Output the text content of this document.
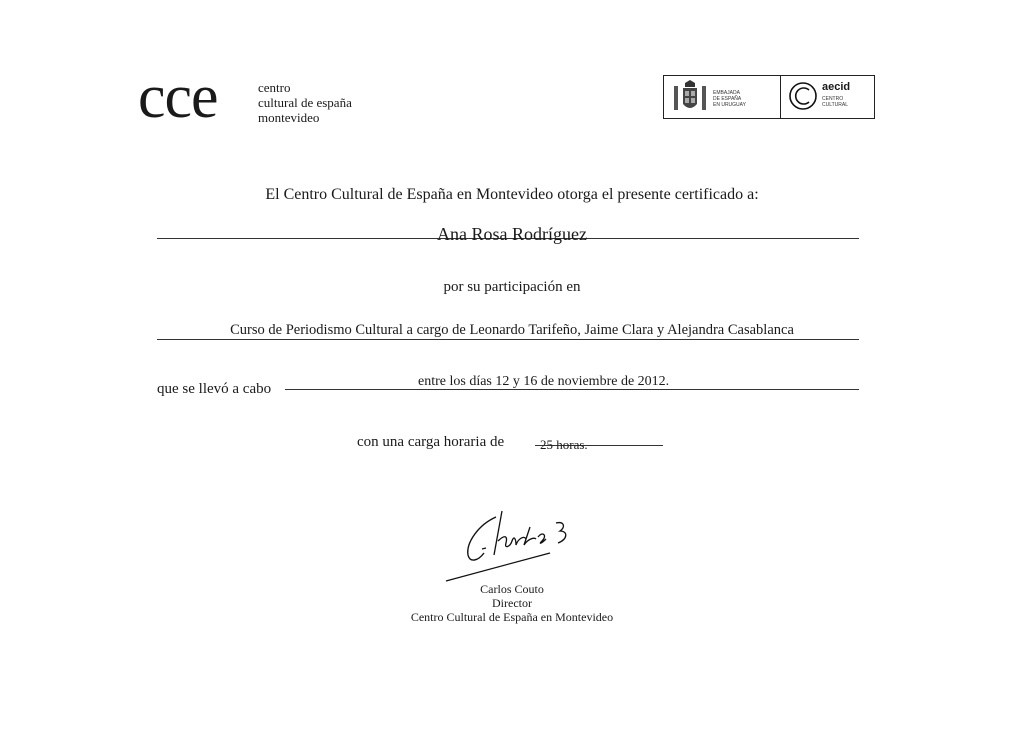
cce	centro
cultural de españa
montevideo
EMBAJADA
DE ESPAÑA
EN URUGUAY
aecid
CENTRO
CULTURAL
El Centro Cultural de España en Montevideo otorga el presente certificado a:
Ana Rosa Rodríguez
por su participación en
Curso de Periodismo Cultural a cargo de Leonardo Tarifeño, Jaime Clara y Alejandra Casablanca
que se llevó a cabo	entre los días 12 y 16 de noviembre de 2012.
con una carga horaria de	25 horas.
Carlos Couto
Director
Centro Cultural de España en Montevideo
